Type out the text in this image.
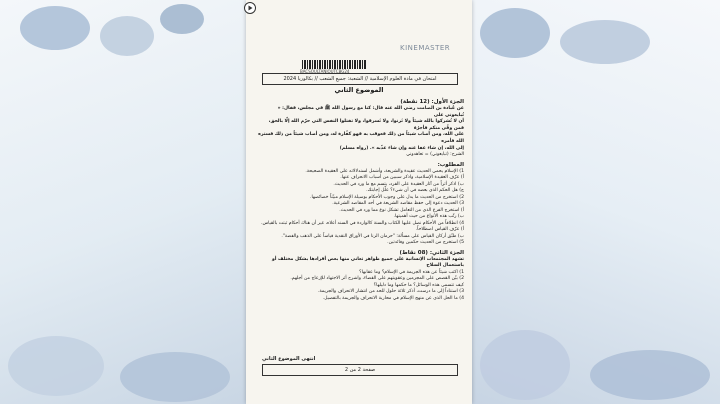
KINEMASTER
BACSOULTANIOUTCBG24
امتحان في مادة العلوم الإسلامية // الشعبة: جميع الشعب // بكالوريا 2024
الموضوع الثاني
الجزء الأول: (12 نقطة)

عن عُبادة بن الصامت رضي الله عنه قال: كنا مع رسول الله ﷺ في مجلس، فقال: « تُبايعوني على

أن لا تُشركوا بالله شيئاً ولا تَزنوا، ولا تَسرقوا، ولا تقتلوا النفس التي حرّم الله إلّا بالحق، فمن وفّى منكم فأجرُهُ

على الله، ومن أصاب شيئاً من ذلك فعوقب به فهو كفّارة له، ومن أصاب شيئاً من ذلك فستره الله فأمره

إلى الله، إن شاء عفا عنه وإن شاء عذّبه ». (رواه مسلم)

الشرح: (تبايعوني) = تعاهدوني

المطلوب:

1) الإسلام يحمي الحديث عقيدة والشريعة، وأشمل لسندلالاته على العقيدة الصحيحة.

أ) عرّف العقيدة الإسلامية، واذكر سببين من أسباب الانحراف عنها.

ب) اذكر أثراً من آثار العقيدة على الفرد، يتسم مع ما ورد في الحديث.

ج) هل الحكم الذي بعضه في أن شيء؟ علّل إجابتك.

2) استخرج من الحديث ما يدل على وجوب الأحكام بوسيلة الإسلام مبيّناً خصائصها.

3) الحديث دعوة إلى حفظ مقاصد الشريعة في أحد المقاصد الشرعية.

أ) استخرج الفرع الذي من التعامل تشكل نوع مما ورد في الحديث.

ب) رتّب هذه الأنواع من حيث أهميتها.

4) انطلاقاً من الأحكام نصل عليها الكتاب والسنة كالواردة في السند أعلاه، غير أن هناك أحكام ثبتت بالقياس.

أ) عرّف القياس اصطلاحاً.

ب) طبّق أركان القياس على مسألة: "حرمان الزنا في الأوراق النقدية قياساً على الذهب والفضة".

5) استخرج من الحديث حكمين وفائدتين.

الجزء الثاني: (08 نقاط)

تشهد المجتمعات الإنسانية على جميع ظواهر تعاني منها بعض أفرادها بشكل مختلف أو باستعمال السلاح

1) اكتب شيئاً عن هذه الجريمة في الإسلام؟ وما عقابها؟

2) بيّن القصص على المجرمين وعقوبتهم على القضاء، واشرح أثر الاجتهاد للإزعاج من أجلهم.

كيف تتسمى هذه الوسائل؟ ما حكمها وما دليلها؟

3) استناداً إلى ما درست، أذكر ثلاثة حلول للحد من انتشار الانحراف والجريمة.

4) ما الحل الذي عن منهج الإسلام في محاربة الانحراف والجريمة بالتفصيل.

انتهى الموضوع الثاني
صفحة 2 من 2
